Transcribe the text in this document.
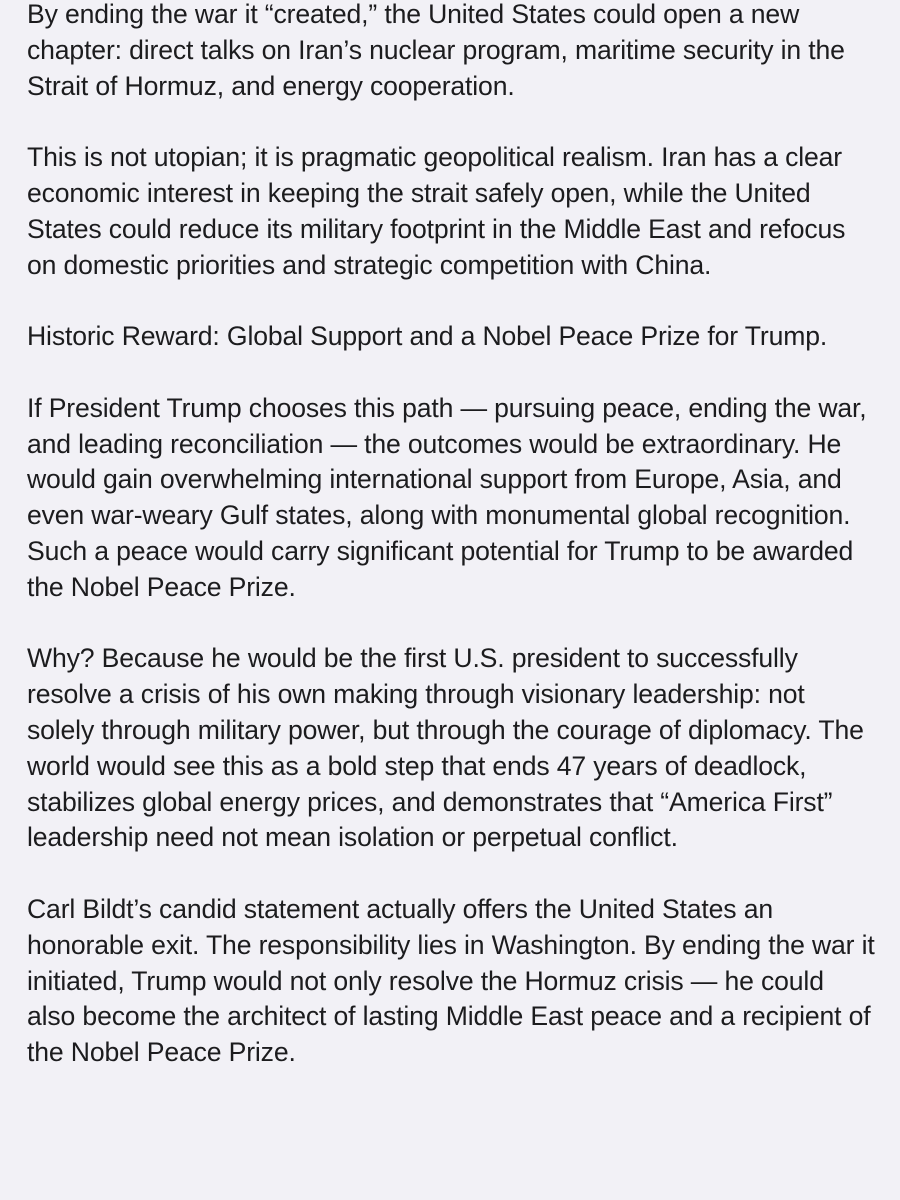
By ending the war it “created,” the United States could open a new chapter: direct talks on Iran’s nuclear program, maritime security in the Strait of Hormuz, and energy cooperation.

This is not utopian; it is pragmatic geopolitical realism. Iran has a clear economic interest in keeping the strait safely open, while the United States could reduce its military footprint in the Middle East and refocus on domestic priorities and strategic competition with China.

Historic Reward: Global Support and a Nobel Peace Prize for Trump.

If President Trump chooses this path — pursuing peace, ending the war, and leading reconciliation — the outcomes would be extraordinary. He would gain overwhelming international support from Europe, Asia, and even war-weary Gulf states, along with monumental global recognition. Such a peace would carry significant potential for Trump to be awarded the Nobel Peace Prize.

Why? Because he would be the first U.S. president to successfully resolve a crisis of his own making through visionary leadership: not solely through military power, but through the courage of diplomacy. The world would see this as a bold step that ends 47 years of deadlock, stabilizes global energy prices, and demonstrates that “America First” leadership need not mean isolation or perpetual conflict.

Carl Bildt’s candid statement actually offers the United States an honorable exit. The responsibility lies in Washington. By ending the war it initiated, Trump would not only resolve the Hormuz crisis — he could also become the architect of lasting Middle East peace and a recipient of the Nobel Peace Prize.
